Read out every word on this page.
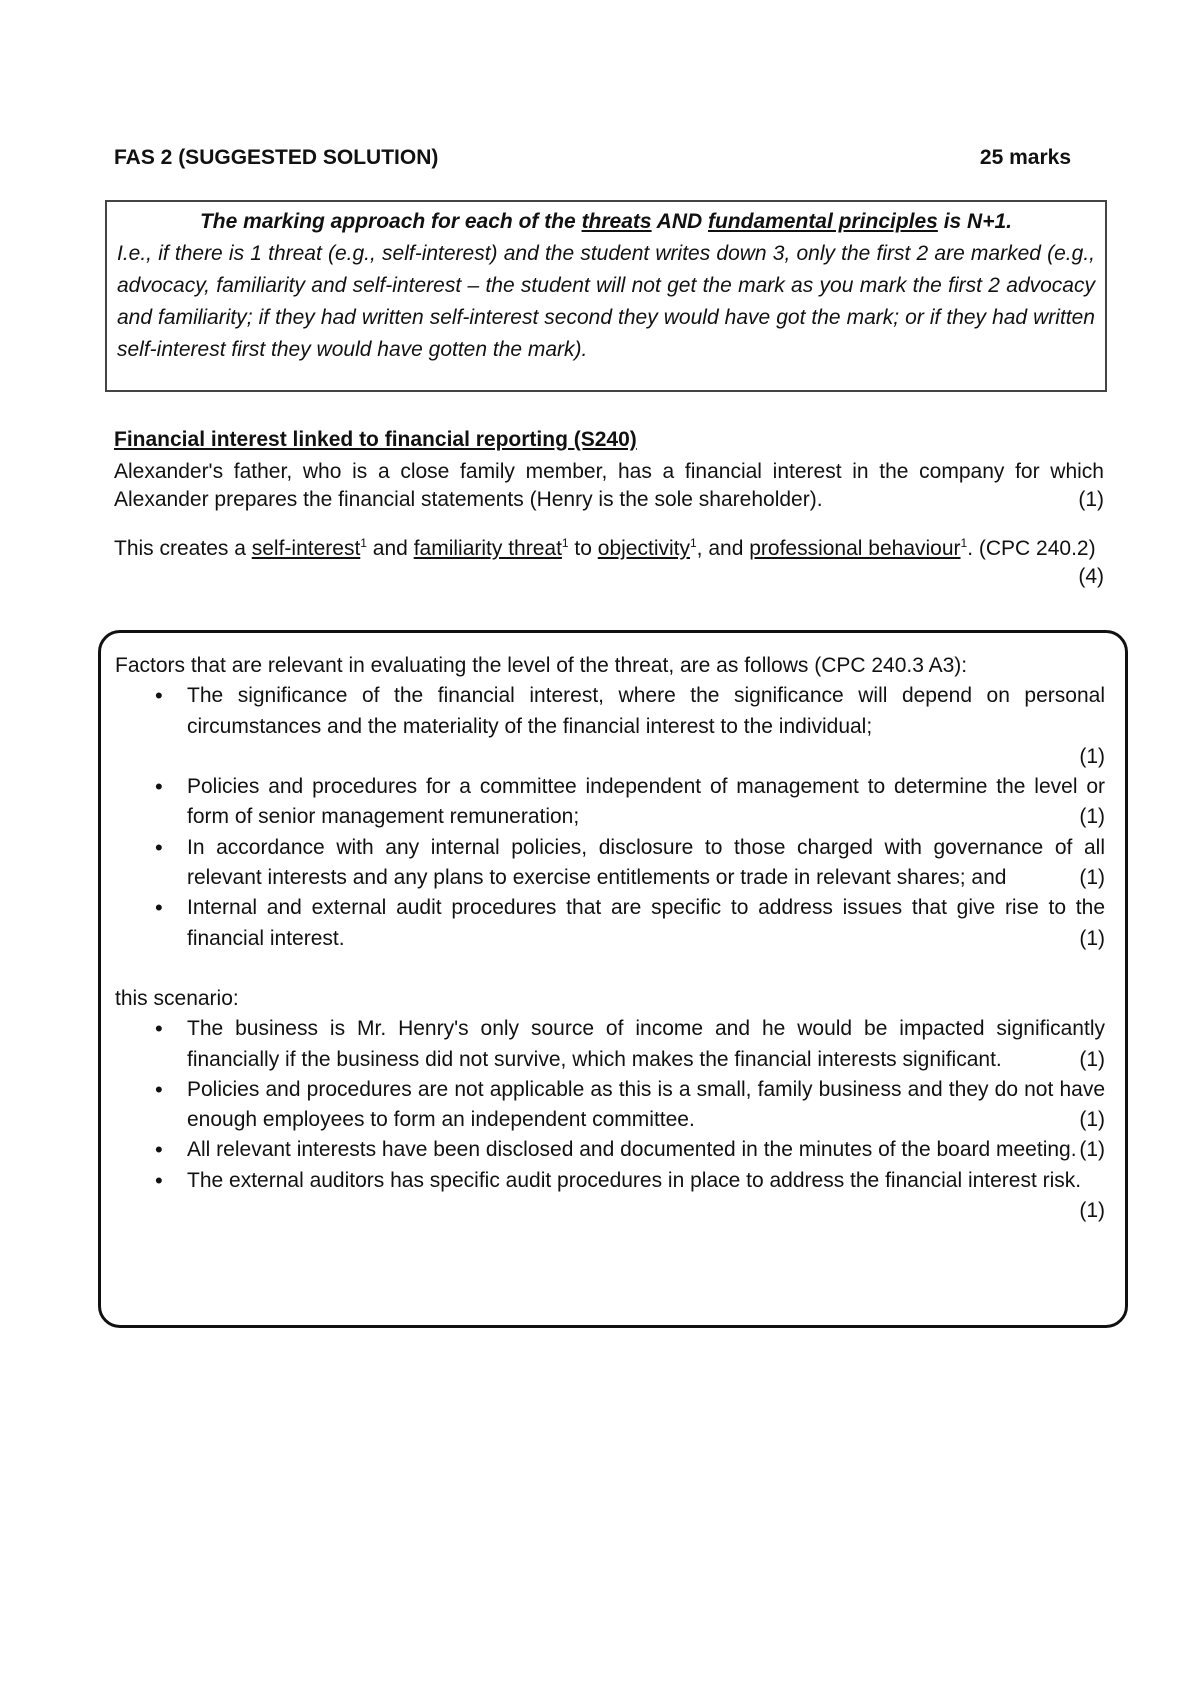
FAS 2 (SUGGESTED SOLUTION)	25 marks
The marking approach for each of the threats AND fundamental principles is N+1.
I.e., if there is 1 threat (e.g., self-interest) and the student writes down 3, only the first 2 are marked (e.g., advocacy, familiarity and self-interest – the student will not get the mark as you mark the first 2 advocacy and familiarity; if they had written self-interest second they would have got the mark; or if they had written self-interest first they would have gotten the mark).
Financial interest linked to financial reporting (S240)
Alexander's father, who is a close family member, has a financial interest in the company for which Alexander prepares the financial statements (Henry is the sole shareholder).	(1)
This creates a self-interest$^1$ and familiarity threat$^1$ to objectivity$^1$, and professional behaviour$^1$. (CPC 240.2)
(4)
Factors that are relevant in evaluating the level of the threat, are as follows (CPC 240.3 A3):
• The significance of the financial interest, where the significance will depend on personal circumstances and the materiality of the financial interest to the individual;
(1)
• Policies and procedures for a committee independent of management to determine the level or form of senior management remuneration;	(1)
• In accordance with any internal policies, disclosure to those charged with governance of all relevant interests and any plans to exercise entitlements or trade in relevant shares; and	(1)
• Internal and external audit procedures that are specific to address issues that give rise to the financial interest.	(1)
this scenario:
• The business is Mr. Henry's only source of income and he would be impacted significantly financially if the business did not survive, which makes the financial interests significant.	(1)
• Policies and procedures are not applicable as this is a small, family business and they do not have enough employees to form an independent committee.	(1)
• All relevant interests have been disclosed and documented in the minutes of the board meeting. (1)
• The external auditors has specific audit procedures in place to address the financial interest risk.
(1)
